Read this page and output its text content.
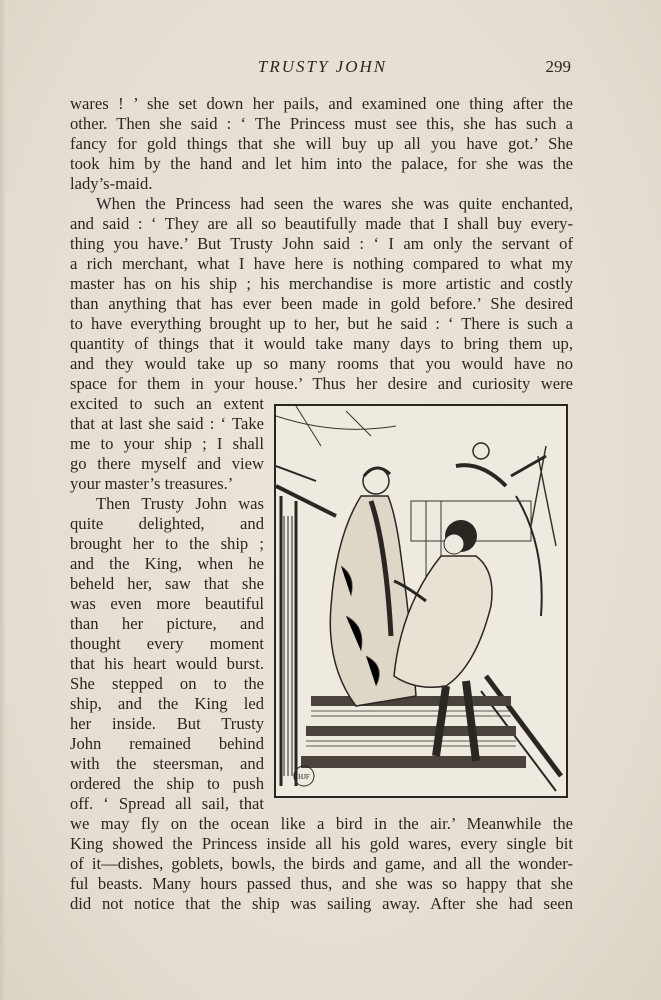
TRUSTY JOHN	299
wares ! ’ she set down her pails, and examined one thing after the
other. Then she said : ‘ The Princess must see this, she has such a
fancy for gold things that she will buy up all you have got.’ She
took him by the hand and let him into the palace, for she was the
lady’s-maid.
When the Princess had seen the wares she was quite enchanted,
and said : ‘ They are all so beautifully made that I shall buy every-
thing you have.’ But Trusty John said : ‘ I am only the servant of
a rich merchant, what I have here is nothing compared to what my
master has on his ship ; his merchandise is more artistic and costly
than anything that has ever been made in gold before.’ She desired
to have everything brought up to her, but he said : ‘ There is such a
quantity of things that it would take many days to bring them up,
and they would take up so many rooms that you would have no
space for them in your house.’ Thus her desire and curiosity were
excited to such an extent
that at last she said : ‘ Take
me to your ship ; I shall
go there myself and view
your master’s treasures.’
Then Trusty John was
quite delighted, and
brought her to the ship ;
and the King, when he
beheld her, saw that she
was even more beautiful
than her picture, and
thought every moment
that his heart would burst.
She stepped on to the
ship, and the King led
her inside. But Trusty
John remained behind
with the steersman, and
ordered the ship to push
off. ‘ Spread all sail, that
we may fly on the ocean like a bird in the air.’ Meanwhile the
King showed the Princess inside all his gold wares, every single bit
of it—dishes, goblets, bowls, the birds and game, and all the wonder-
ful beasts. Many hours passed thus, and she was so happy that she
did not notice that the ship was sailing away. After she had seen
HJF
